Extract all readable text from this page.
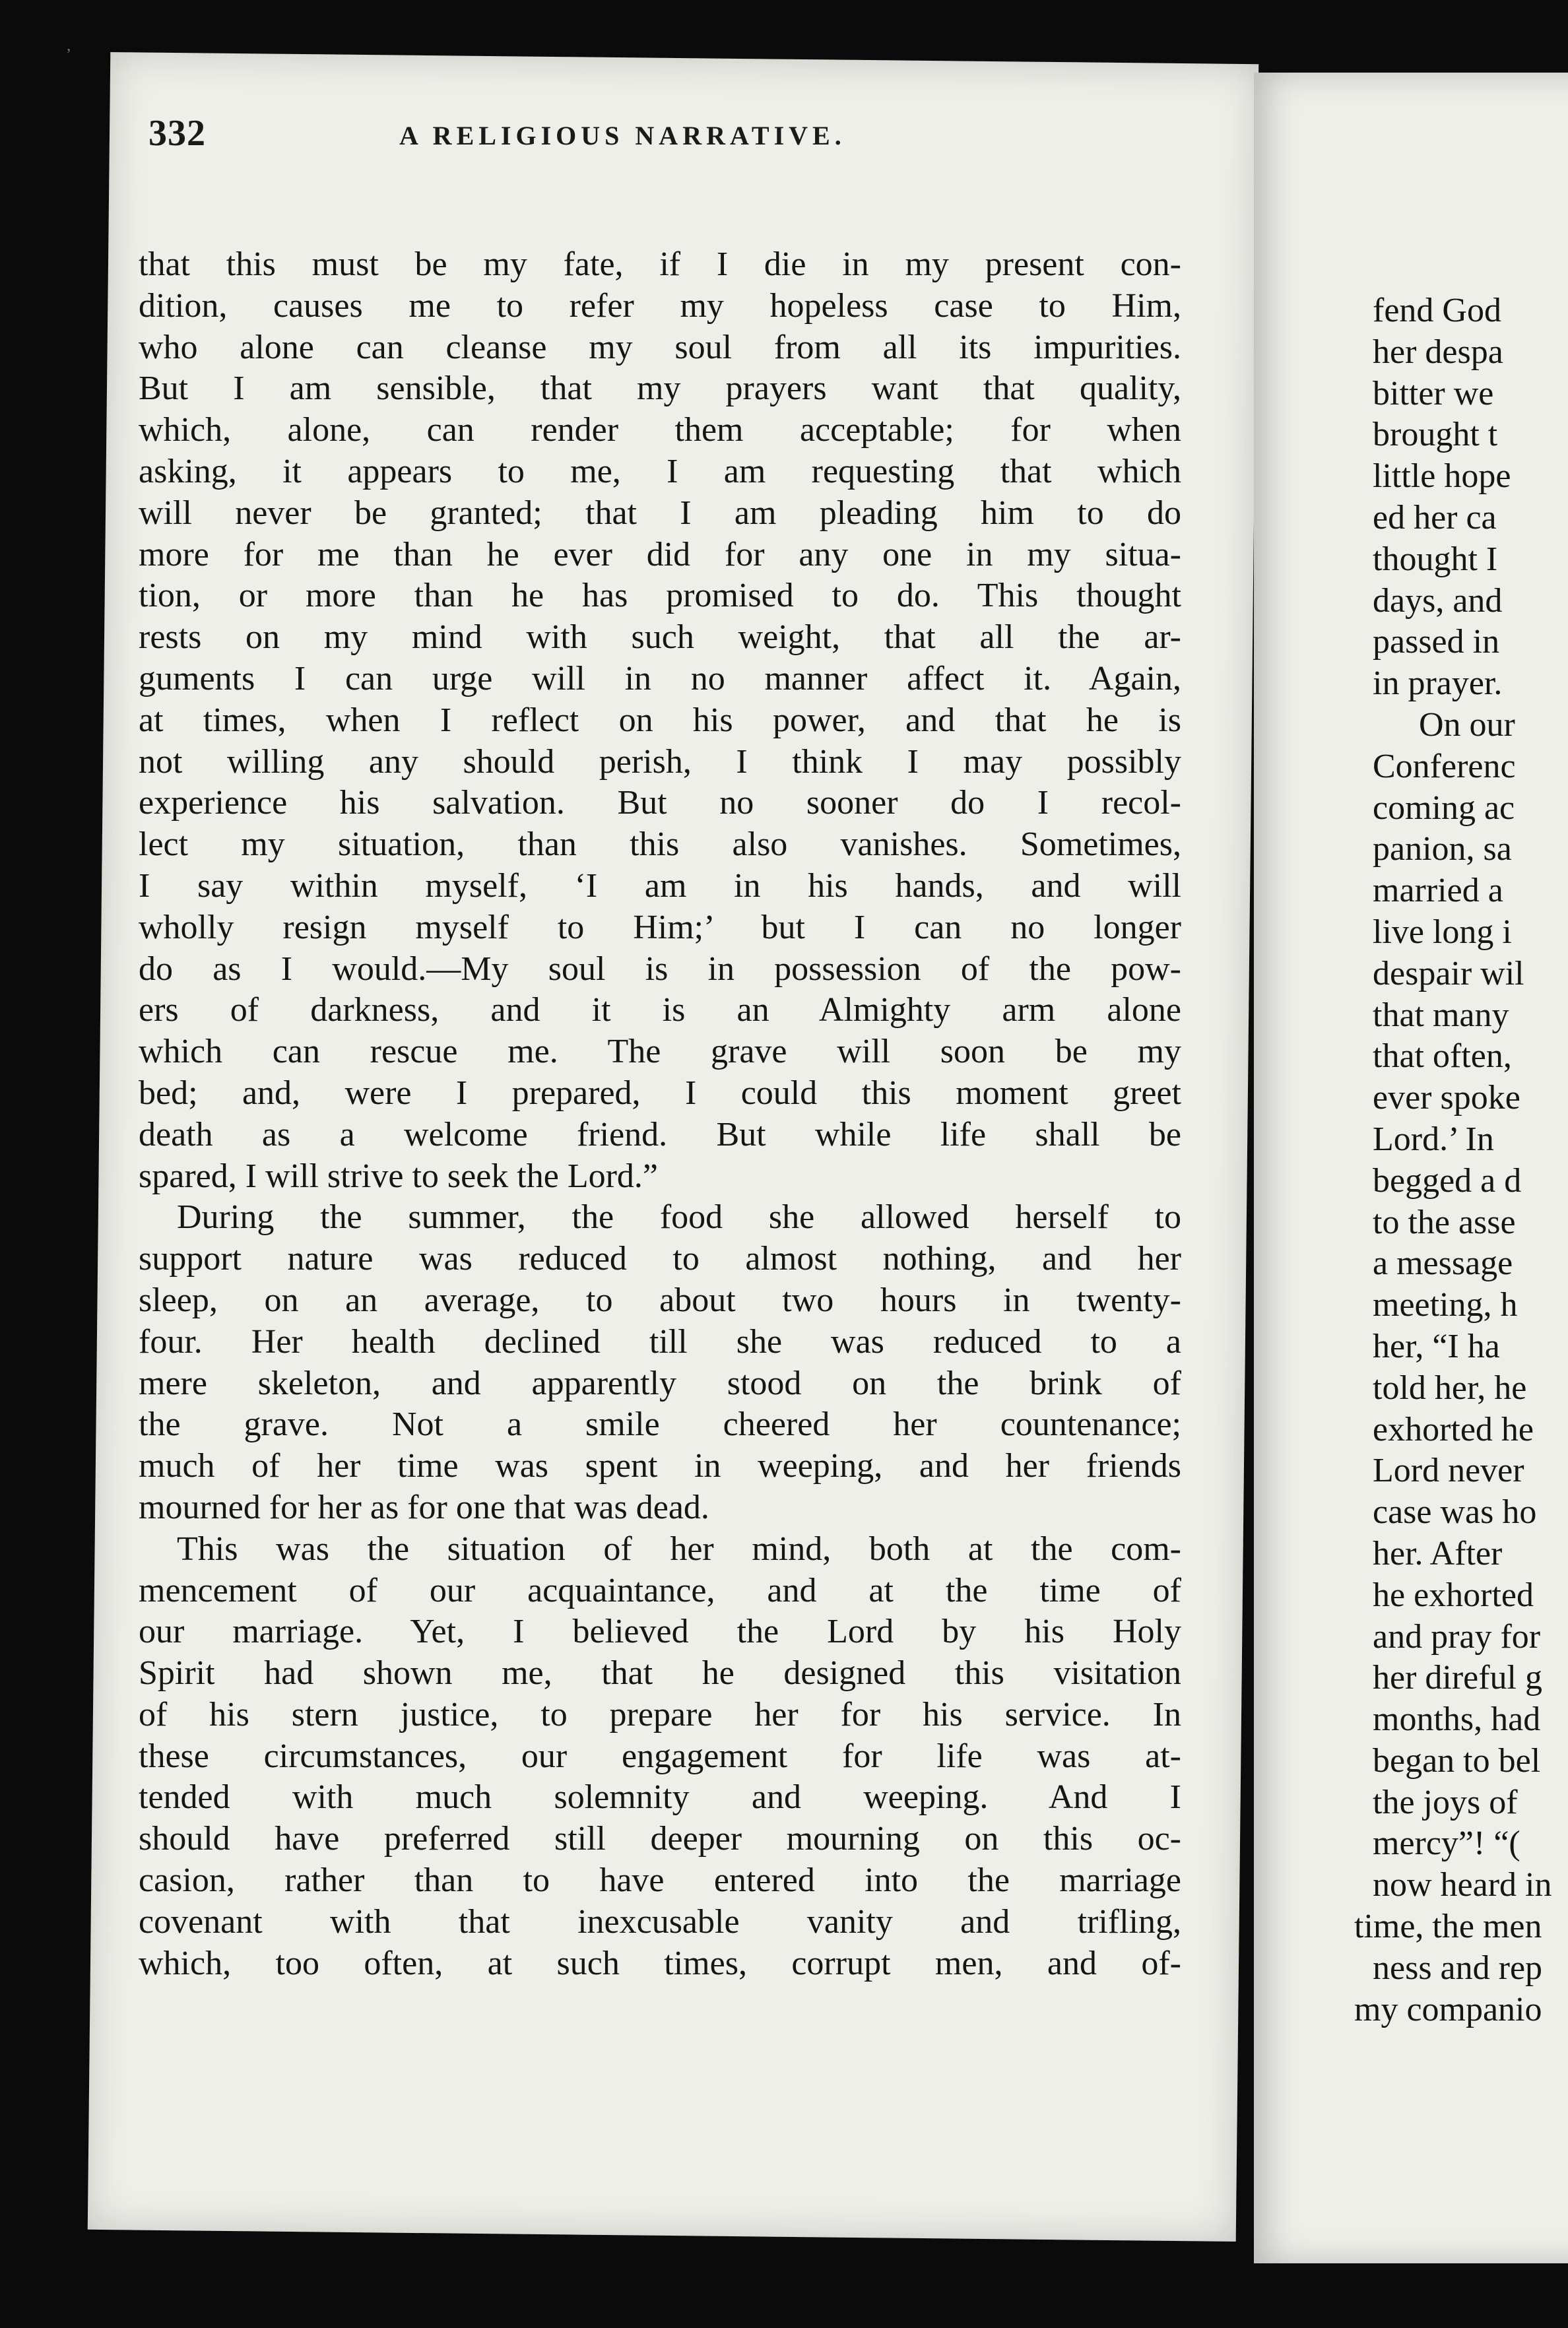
ʼ
332	A RELIGIOUS NARRATIVE.
that this must be my fate, if I die in my present con-
dition, causes me to refer my hopeless case to Him,
who alone can cleanse my soul from all its impurities.
But I am sensible, that my prayers want that quality,
which, alone, can render them acceptable; for when
asking, it appears to me, I am requesting that which
will never be granted; that I am pleading him to do
more for me than he ever did for any one in my situa-
tion, or more than he has promised to do. This thought
rests on my mind with such weight, that all the ar-
guments I can urge will in no manner affect it. Again,
at times, when I reflect on his power, and that he is
not willing any should perish, I think I may possibly
experience his salvation. But no sooner do I recol-
lect my situation, than this also vanishes. Sometimes,
I say within myself, ‘I am in his hands, and will
wholly resign myself to Him;’ but I can no longer
do as I would.—My soul is in possession of the pow-
ers of darkness, and it is an Almighty arm alone
which can rescue me. The grave will soon be my
bed; and, were I prepared, I could this moment greet
death as a welcome friend. But while life shall be
spared, I will strive to seek the Lord.”
During the summer, the food she allowed herself to
support nature was reduced to almost nothing, and her
sleep, on an average, to about two hours in twenty-
four. Her health declined till she was reduced to a
mere skeleton, and apparently stood on the brink of
the grave. Not a smile cheered her countenance;
much of her time was spent in weeping, and her friends
mourned for her as for one that was dead.
This was the situation of her mind, both at the com-
mencement of our acquaintance, and at the time of
our marriage. Yet, I believed the Lord by his Holy
Spirit had shown me, that he designed this visitation
of his stern justice, to prepare her for his service. In
these circumstances, our engagement for life was at-
tended with much solemnity and weeping. And I
should have preferred still deeper mourning on this oc-
casion, rather than to have entered into the marriage
covenant with that inexcusable vanity and trifling,
which, too often, at such times, corrupt men, and of-
fend God
her despa
bitter we
brought t
little hope
ed her ca
thought I
days, and
passed in
in prayer.
On our
Conferenc
coming ac
panion, sa
married a
live long i
despair wil
that many
that often,
ever spoke
Lord.’ In
begged a d
to the asse
a message
meeting, h
her, “I ha
told her, he
exhorted he
Lord never
case was ho
her. After
he exhorted
and pray for
her direful g
months, had
began to bel
the joys of
mercy”! “(
now heard in
time, the men
ness and rep
my companio
